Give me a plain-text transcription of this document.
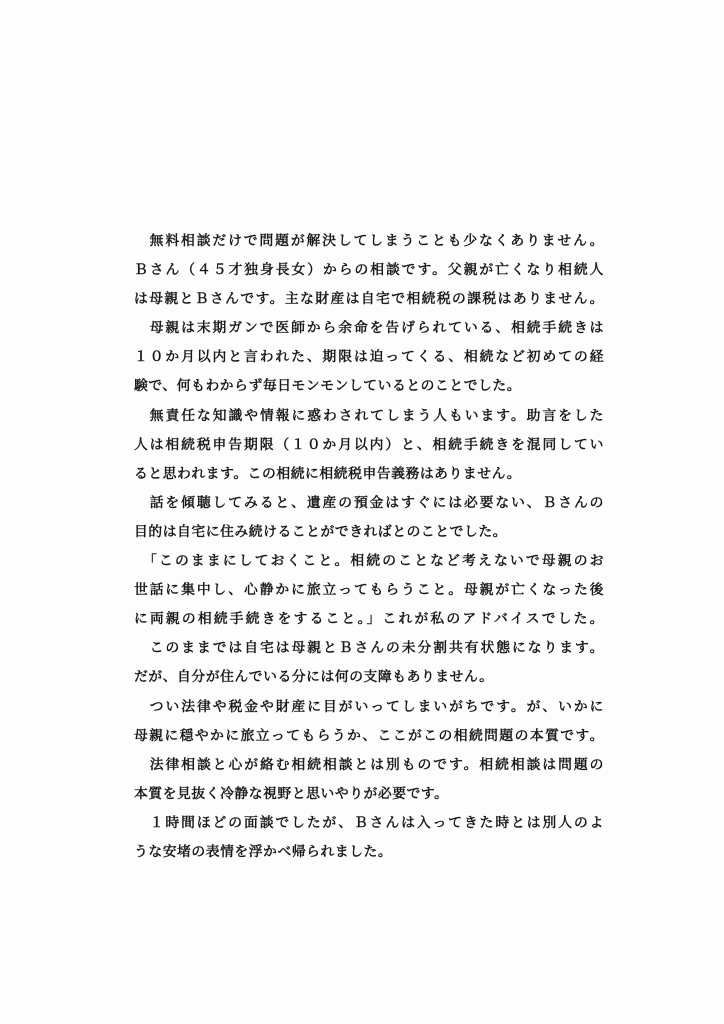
　無料相談だけで問題が解決してしまうことも少なくありません。
Ｂさん（４５才独身長女）からの相談です。父親が亡くなり相続人
は母親とＢさんです。主な財産は自宅で相続税の課税はありません。
　母親は末期ガンで医師から余命を告げられている、相続手続きは
１０か月以内と言われた、期限は迫ってくる、相続など初めての経
験で、何もわからず毎日モンモンしているとのことでした。
　無責任な知識や情報に惑わされてしまう人もいます。助言をした
人は相続税申告期限（１０か月以内）と、相続手続きを混同してい
ると思われます。この相続に相続税申告義務はありません。
　話を傾聴してみると、遺産の預金はすぐには必要ない、Ｂさんの
目的は自宅に住み続けることができればとのことでした。
　「このままにしておくこと。相続のことなど考えないで母親のお
世話に集中し、心静かに旅立ってもらうこと。母親が亡くなった後
に両親の相続手続きをすること。」これが私のアドバイスでした。
　このままでは自宅は母親とＢさんの未分割共有状態になります。
だが、自分が住んでいる分には何の支障もありません。
　つい法律や税金や財産に目がいってしまいがちです。が、いかに
母親に穏やかに旅立ってもらうか、ここがこの相続問題の本質です。
　法律相談と心が絡む相続相談とは別ものです。相続相談は問題の
本質を見抜く冷静な視野と思いやりが必要です。
　１時間ほどの面談でしたが、Ｂさんは入ってきた時とは別人のよ
うな安堵の表情を浮かべ帰られました。
